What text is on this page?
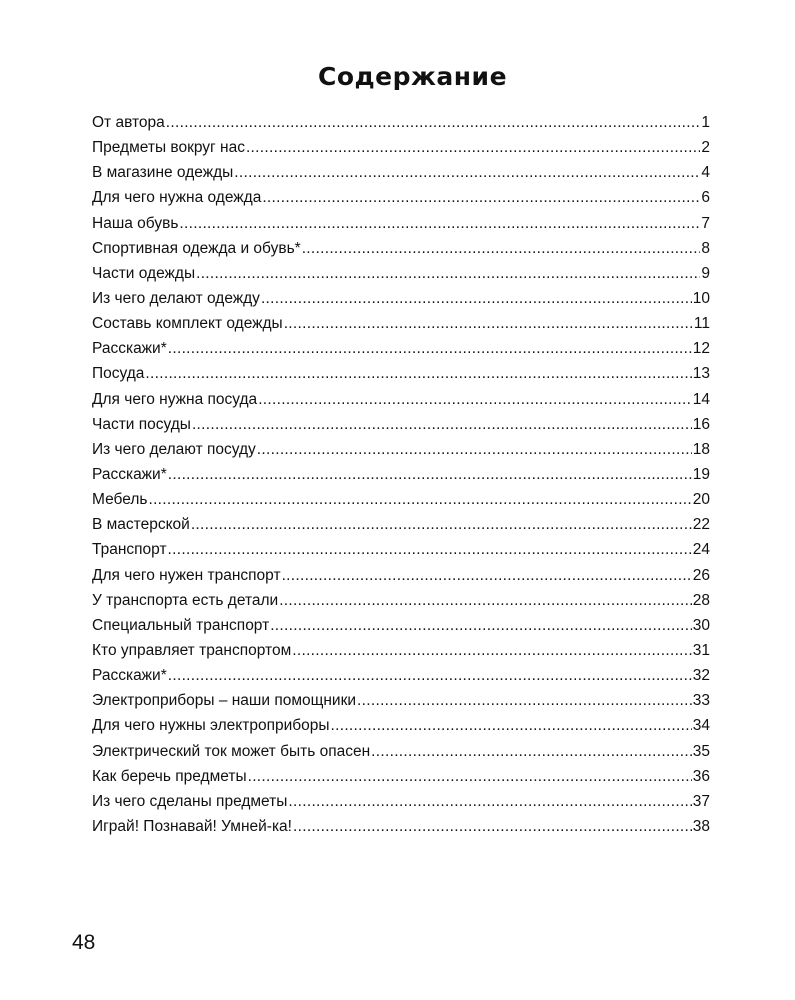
Содержание
От автора .....	1
Предметы вокруг нас .....	2
В магазине одежды .....	4
Для чего нужна одежда .....	6
Наша обувь .....	7
Спортивная одежда и обувь* .....	8
Части одежды .....	9
Из чего делают одежду .....	10
Составь комплект одежды .....	11
Расскажи* .....	12
Посуда .....	13
Для чего нужна посуда .....	14
Части посуды .....	16
Из чего делают посуду .....	18
Расскажи* .....	19
Мебель .....	20
В мастерской .....	22
Транспорт .....	24
Для чего нужен транспорт .....	26
У транспорта есть детали .....	28
Специальный транспорт .....	30
Кто управляет транспортом .....	31
Расскажи* .....	32
Электроприборы – наши помощники .....	33
Для чего нужны электроприборы .....	34
Электрический ток может быть опасен .....	35
Как беречь предметы .....	36
Из чего сделаны предметы .....	37
Играй! Познавай! Умней-ка! .....	38
48
